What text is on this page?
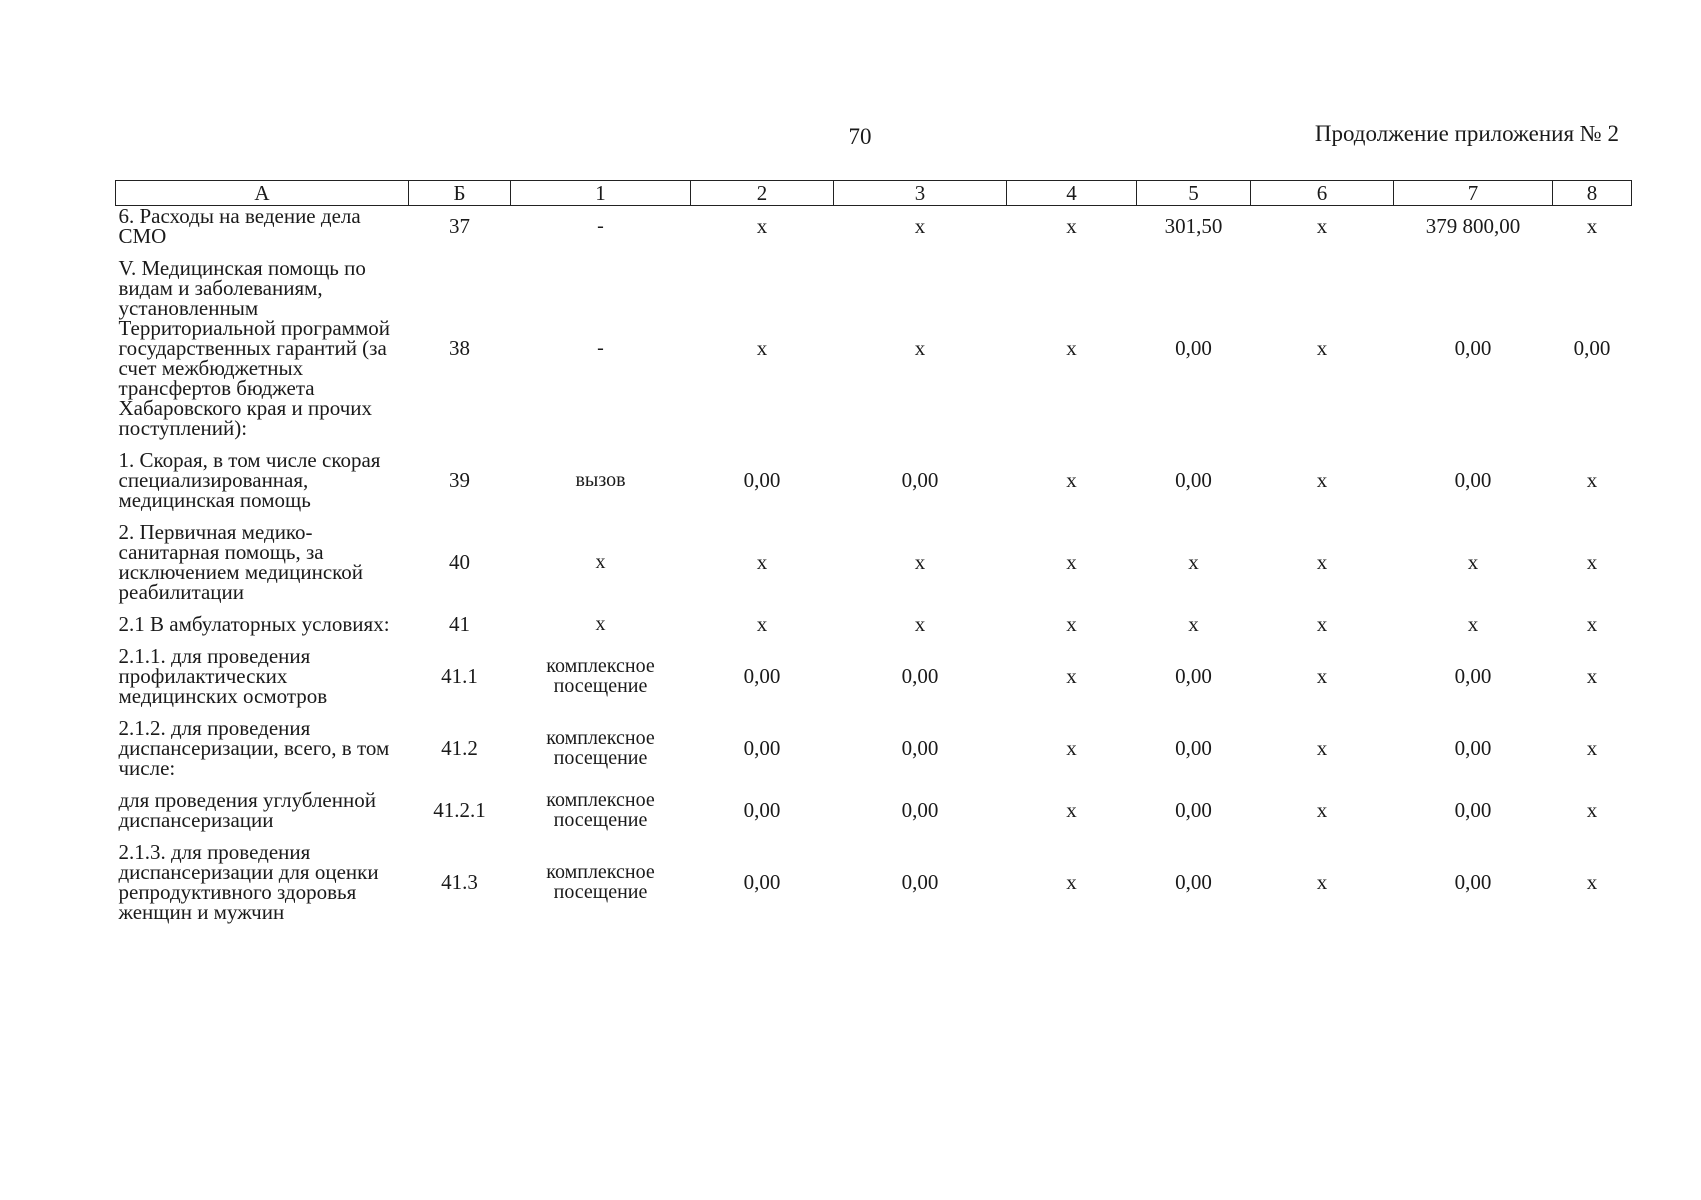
70	Продолжение приложения № 2
А	Б	1	2	3	4	5	6	7	8
6. Расходы на ведение дела СМО	37	-	х	х	х	301,50	х	379 800,00	х

V. Медицинская помощь по видам и заболеваниям, установленным Территориальной программой государственных гарантий (за счет межбюджетных трансфертов бюджета Хабаровского края и прочих поступлений):	38	-	х	х	х	0,00	х	0,00	0,00

1. Скорая, в том числе скорая специализированная, медицинская помощь	39	вызов	0,00	0,00	х	0,00	х	0,00	х

2. Первичная медико-санитарная помощь, за исключением медицинской реабилитации	40	х	х	х	х	х	х	х	х

2.1 В амбулаторных условиях:	41	х	х	х	х	х	х	х	х

2.1.1. для проведения профилактических медицинских осмотров	41.1	комплексное посещение	0,00	0,00	х	0,00	х	0,00	х

2.1.2. для проведения диспансеризации, всего, в том числе:	41.2	комплексное посещение	0,00	0,00	х	0,00	х	0,00	х

для проведения углубленной диспансеризации	41.2.1	комплексное посещение	0,00	0,00	х	0,00	х	0,00	х

2.1.3. для проведения диспансеризации для оценки репродуктивного здоровья женщин и мужчин	41.3	комплексное посещение	0,00	0,00	х	0,00	х	0,00	х
